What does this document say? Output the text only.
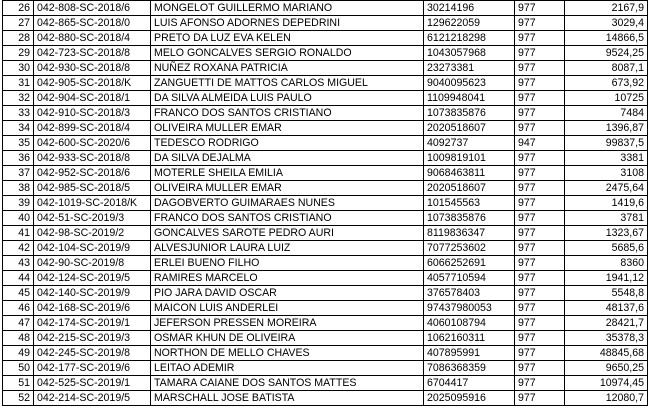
26	042-808-SC-2018/6	MONGELOT GUILLERMO MARIANO	30214196	977	2167,9
27	042-865-SC-2018/0	LUIS AFONSO ADORNES DEPEDRINI	129622059	977	3029,4
28	042-880-SC-2018/4	PRETO DA LUZ EVA KELEN	6121218298	977	14866,5
29	042-723-SC-2018/8	MELO GONCALVES SERGIO RONALDO	1043057968	977	9524,25
30	042-930-SC-2018/8	NUÑEZ ROXANA PATRICIA	23273381	977	8087,1
31	042-905-SC-2018/K	ZANGUETTI DE MATTOS CARLOS MIGUEL	9040095623	977	673,92
32	042-904-SC-2018/1	DA SILVA ALMEIDA LUIS PAULO	1109948041	977	10725
33	042-910-SC-2018/3	FRANCO DOS SANTOS CRISTIANO	1073835876	977	7484
34	042-899-SC-2018/4	OLIVEIRA MULLER EMAR	2020518607	977	1396,87
35	042-600-SC-2020/6	TEDESCO RODRIGO	4092737	947	99837,5
36	042-933-SC-2018/8	DA SILVA DEJALMA	1009819101	977	3381
37	042-952-SC-2018/6	MOTERLE SHEILA EMILIA	9068463811	977	3108
38	042-985-SC-2018/5	OLIVEIRA MULLER EMAR	2020518607	977	2475,64
39	042-1019-SC-2018/K	DAGOBVERTO GUIMARAES NUNES	101545563	977	1419,6
40	042-51-SC-2019/3	FRANCO DOS SANTOS CRISTIANO	1073835876	977	3781
41	042-98-SC-2019/2	GONCALVES SAROTE PEDRO AURI	8119836347	977	1323,67
42	042-104-SC-2019/9	ALVESJUNIOR LAURA LUIZ	7077253602	977	5685,6
43	042-90-SC-2019/8	ERLEI BUENO FILHO	6066252691	977	8360
44	042-124-SC-2019/5	RAMIRES MARCELO	4057710594	977	1941,12
45	042-140-SC-2019/9	PIO JARA DAVID OSCAR	376578403	977	5548,8
46	042-168-SC-2019/6	MAICON LUIS ANDERLEI	97437980053	977	48137,6
47	042-174-SC-2019/1	JEFERSON PRESSEN MOREIRA	4060108794	977	28421,7
48	042-215-SC-2019/3	OSMAR KHUN DE OLIVEIRA	1062160311	977	35378,3
49	042-245-SC-2019/8	NORTHON DE MELLO CHAVES	407895991	977	48845,68
50	042-177-SC-2019/6	LEITAO ADEMIR	7086368359	977	9650,25
51	042-525-SC-2019/1	TAMARA CAIANE DOS SANTOS MATTES	6704417	977	10974,45
52	042-214-SC-2019/5	MARSCHALL JOSE BATISTA	2025095916	977	12080,7
